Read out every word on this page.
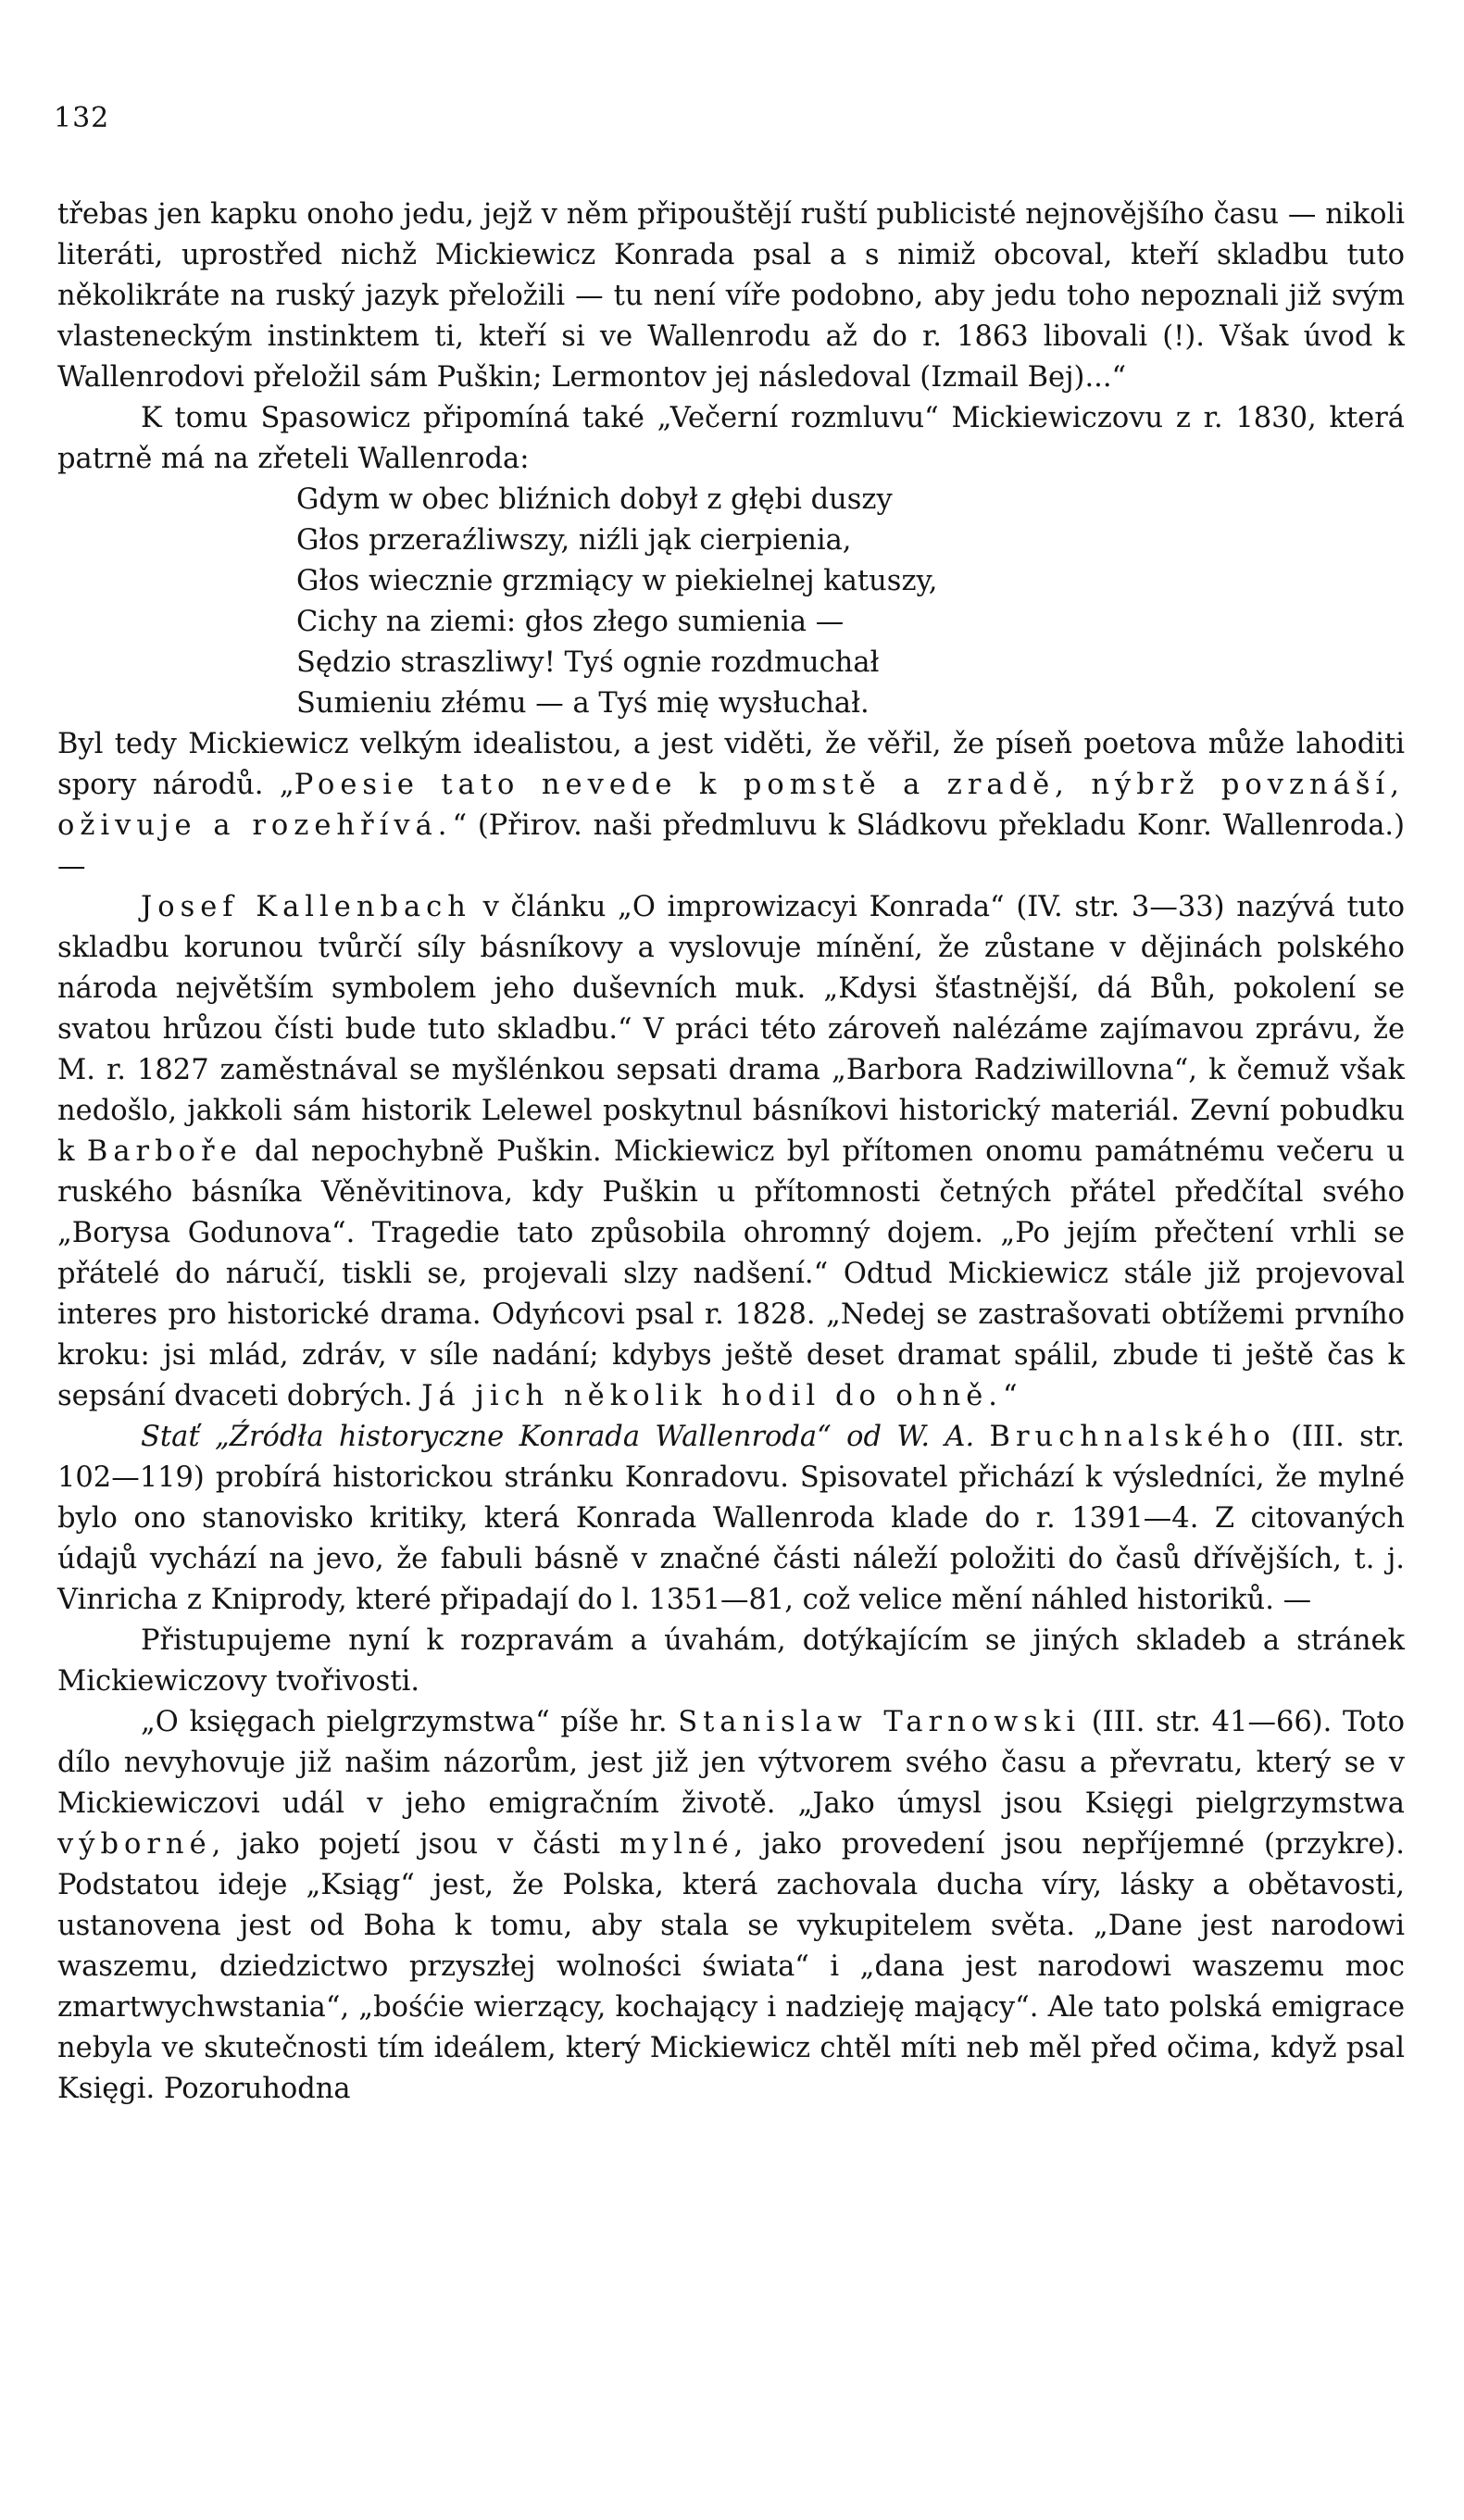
132

třebas jen kapku onoho jedu, jejž v něm připouštějí ruští publicisté nejnovějšího času — nikoli literáti, uprostřed nichž Mickiewicz Konrada psal a s nimiž obcoval, kteří skladbu tuto několikráte na ruský jazyk přeložili — tu není víře podobno, aby jedu toho nepoznali již svým vlasteneckým instinktem ti, kteří si ve Wallenrodu až do r. 1863 libovali (!). Však úvod k Wallenrodovi přeložil sám Puškin; Lermontov jej následoval (Izmail Bej)...“

K tomu Spasowicz připomíná také „Večerní rozmluvu“ Mickiewiczovu z r. 1830, která patrně má na zřeteli Wallenroda:

Gdym w obec bliźnich dobył z głębi duszy
Głos przeraźliwszy, niźli jąk cierpienia,
Głos wiecznie grzmiący w piekielnej katuszy,
Cichy na ziemi: głos złego sumienia —
Sędzio straszliwy! Tyś ognie rozdmuchał
Sumieniu złému — a Tyś mię wysłuchał.

Byl tedy Mickiewicz velkým idealistou, a jest viděti, že věřil, že píseň poetova může lahoditi spory národů. „Poesie tato nevede k pomstě a zradě, nýbrž povznáší, oživuje a rozehřívá.“ (Přirov. naši předmluvu k Sládkovu překladu Konr. Wallenroda.) —

Josef Kallenbach v článku „O improwizacyi Konrada“ (IV. str. 3—33) nazývá tuto skladbu korunou tvůrčí síly básníkovy a vyslovuje mínění, že zůstane v dějinách polského národa největším symbolem jeho duševních muk. „Kdysi šťastnější, dá Bůh, pokolení se svatou hrůzou čísti bude tuto skladbu.“ V práci této zároveň nalézáme zajímavou zprávu, že M. r. 1827 zaměstnával se myšlénkou sepsati drama „Barbora Radziwillovna“, k čemuž však nedošlo, jakkoli sám historik Lelewel poskytnul básníkovi historický materiál. Zevní pobudku k Barboře dal nepochybně Puškin. Mickiewicz byl přítomen onomu památnému večeru u ruského básníka Věněvitinova, kdy Puškin u přítomnosti četných přátel předčítal svého „Borysa Godunova“. Tragedie tato způsobila ohromný dojem. „Po jejím přečtení vrhli se přátelé do náručí, tiskli se, projevali slzy nadšení.“ Odtud Mickiewicz stále již projevoval interes pro historické drama. Odyńcovi psal r. 1828. „Nedej se zastrašovati obtížemi prvního kroku: jsi mlád, zdráv, v síle nadání; kdybys ještě deset dramat spálil, zbude ti ještě čas k sepsání dvaceti dobrých. Já jich několik hodil do ohně.“

Stať „Źródła historyczne Konrada Wallenroda“ od W. A. Bruchnalského (III. str. 102—119) probírá historickou stránku Konradovu. Spisovatel přichází k výsledníci, že mylné bylo ono stanovisko kritiky, která Konrada Wallenroda klade do r. 1391—4. Z citovaných údajů vychází na jevo, že fabuli básně v značné části náleží položiti do časů dřívějších, t. j. Vinricha z Kniprody, které připadají do l. 1351—81, což velice mění náhled historiků. —

Přistupujeme nyní k rozpravám a úvahám, dotýkajícím se jiných skladeb a stránek Mickiewiczovy tvořivosti.

„O księgach pielgrzymstwa“ píše hr. Stanislaw Tarnowski (III. str. 41—66). Toto dílo nevyhovuje již našim názorům, jest již jen výtvorem svého času a převratu, který se v Mickiewiczovi udál v jeho emigračním životě. „Jako úmysl jsou Księgi pielgrzymstwa výborné, jako pojetí jsou v části mylné, jako provedení jsou nepříjemné (przykre). Podstatou ideje „Ksiąg“ jest, že Polska, která zachovala ducha víry, lásky a obětavosti, ustanovena jest od Boha k tomu, aby stala se vykupitelem světa. „Dane jest narodowi waszemu, dziedzictwo przyszłej wolności świata“ i „dana jest narodowi waszemu moc zmartwychwstania“, „bośćie wierzący, kochający i nadzieję mający“. Ale tato polská emigrace nebyla ve skutečnosti tím ideálem, který Mickiewicz chtěl míti neb měl před očima, když psal Księgi. Pozoruhodna
